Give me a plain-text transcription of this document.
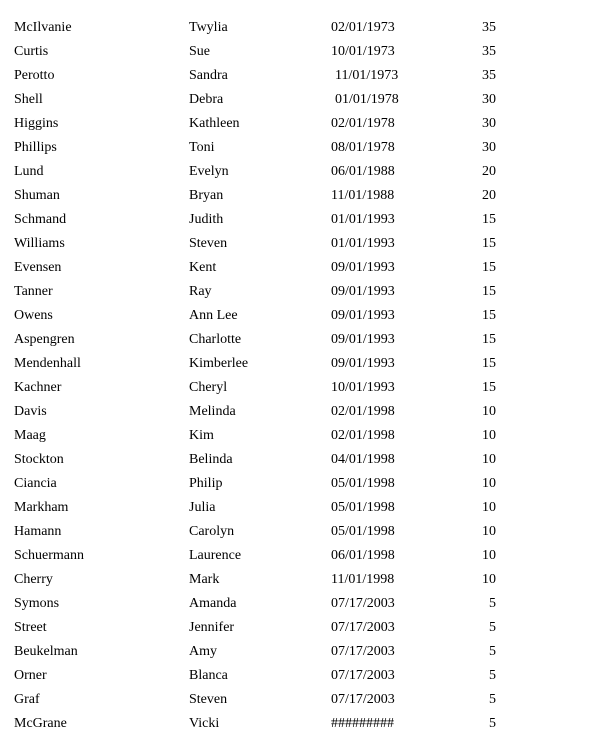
McIlvanie	Twylia	02/01/1973	35
Curtis	Sue	10/01/1973	35
Perotto	Sandra	11/01/1973	35
Shell	Debra	01/01/1978	30
Higgins	Kathleen	02/01/1978	30
Phillips	Toni	08/01/1978	30
Lund	Evelyn	06/01/1988	20
Shuman	Bryan	11/01/1988	20
Schmand	Judith	01/01/1993	15
Williams	Steven	01/01/1993	15
Evensen	Kent	09/01/1993	15
Tanner	Ray	09/01/1993	15
Owens	Ann Lee	09/01/1993	15
Aspengren	Charlotte	09/01/1993	15
Mendenhall	Kimberlee	09/01/1993	15
Kachner	Cheryl	10/01/1993	15
Davis	Melinda	02/01/1998	10
Maag	Kim	02/01/1998	10
Stockton	Belinda	04/01/1998	10
Ciancia	Philip	05/01/1998	10
Markham	Julia	05/01/1998	10
Hamann	Carolyn	05/01/1998	10
Schuermann	Laurence	06/01/1998	10
Cherry	Mark	11/01/1998	10
Symons	Amanda	07/17/2003	5
Street	Jennifer	07/17/2003	5
Beukelman	Amy	07/17/2003	5
Orner	Blanca	07/17/2003	5
Graf	Steven	07/17/2003	5
McGrane	Vicki	#########	5
